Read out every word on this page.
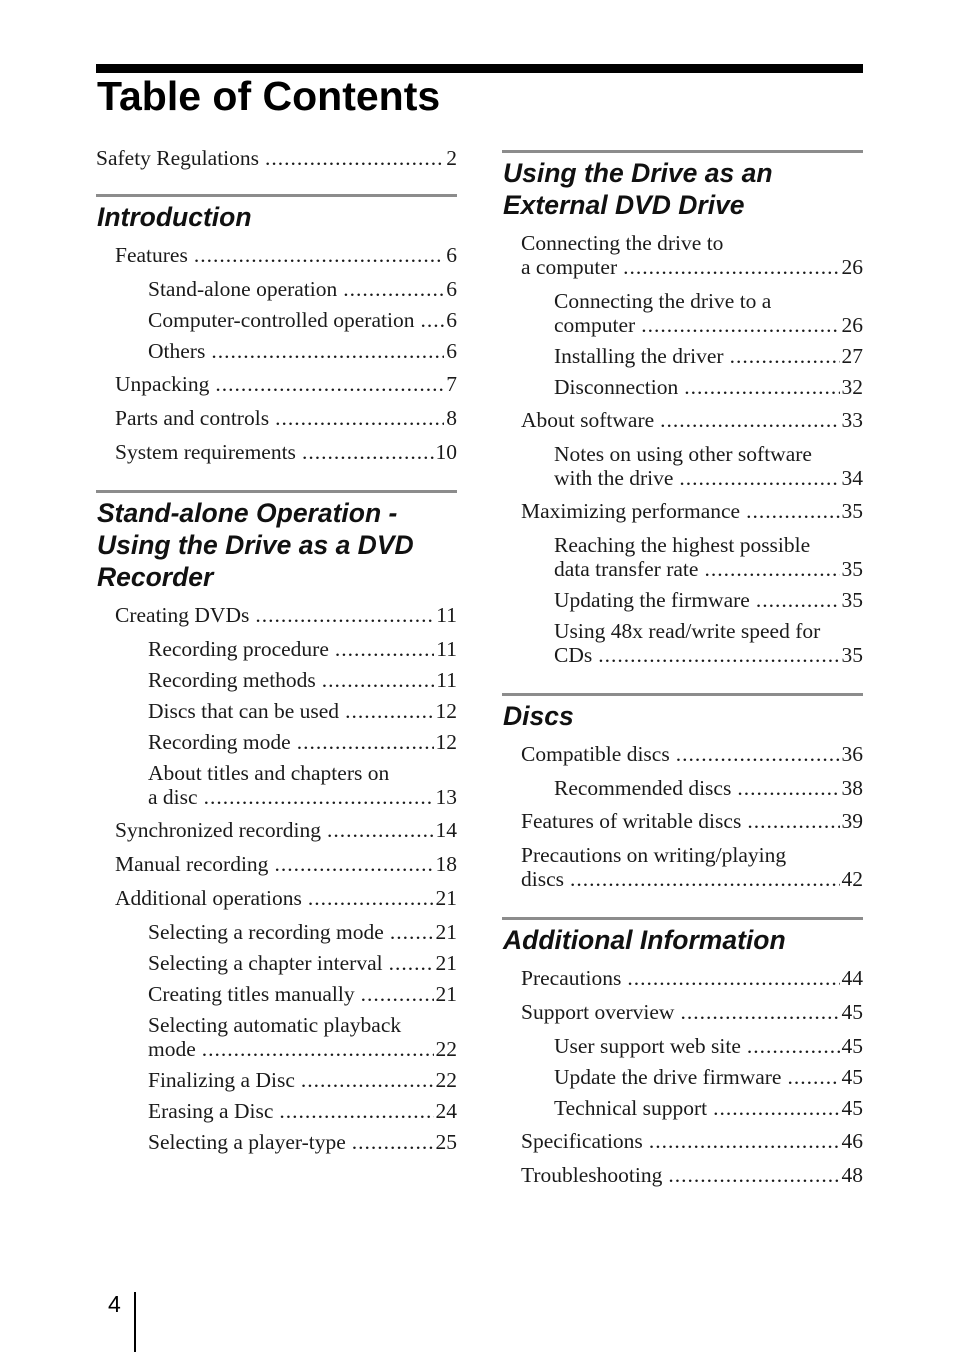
Table of Contents
Safety Regulations .....	2
Introduction
Features .....	6
Stand-alone operation .....	6
Computer-controlled operation ..... 6
Others .....	6
Unpacking .....	7
Parts and controls .....	8
System requirements .....	10
Stand-alone Operation -
Using the Drive as a DVD
Recorder
Creating DVDs .....	11
Recording procedure .....	11
Recording methods .....	11
Discs that can be used .....	12
Recording mode .....	12
About titles and chapters on
a disc .....	13
Synchronized recording .....	14
Manual recording .....	18
Additional operations .....	21
Selecting a recording mode ..... 21
Selecting a chapter interval ..... 21
Creating titles manually .....	21
Selecting automatic playback
mode .....	22
Finalizing a Disc .....	22
Erasing a Disc .....	24
Selecting a player-type .....	25
Using the Drive as an
External DVD Drive
Connecting the drive to
a computer .....	26
Connecting the drive to a
computer .....	26
Installing the driver .....	27
Disconnection .....	32
About software .....	33
Notes on using other software
with the drive .....	34
Maximizing performance .....	35
Reaching the highest possible
data transfer rate .....	35
Updating the firmware .....	35
Using 48x read/write speed for
CDs .....	35
Discs
Compatible discs .....	36
Recommended discs .....	38
Features of writable discs .....	39
Precautions on writing/playing
discs .....	42
Additional Information
Precautions .....	44
Support overview .....	45
User support web site .....	45
Update the drive firmware .....	45
Technical support .....	45
Specifications .....	46
Troubleshooting .....	48
4
